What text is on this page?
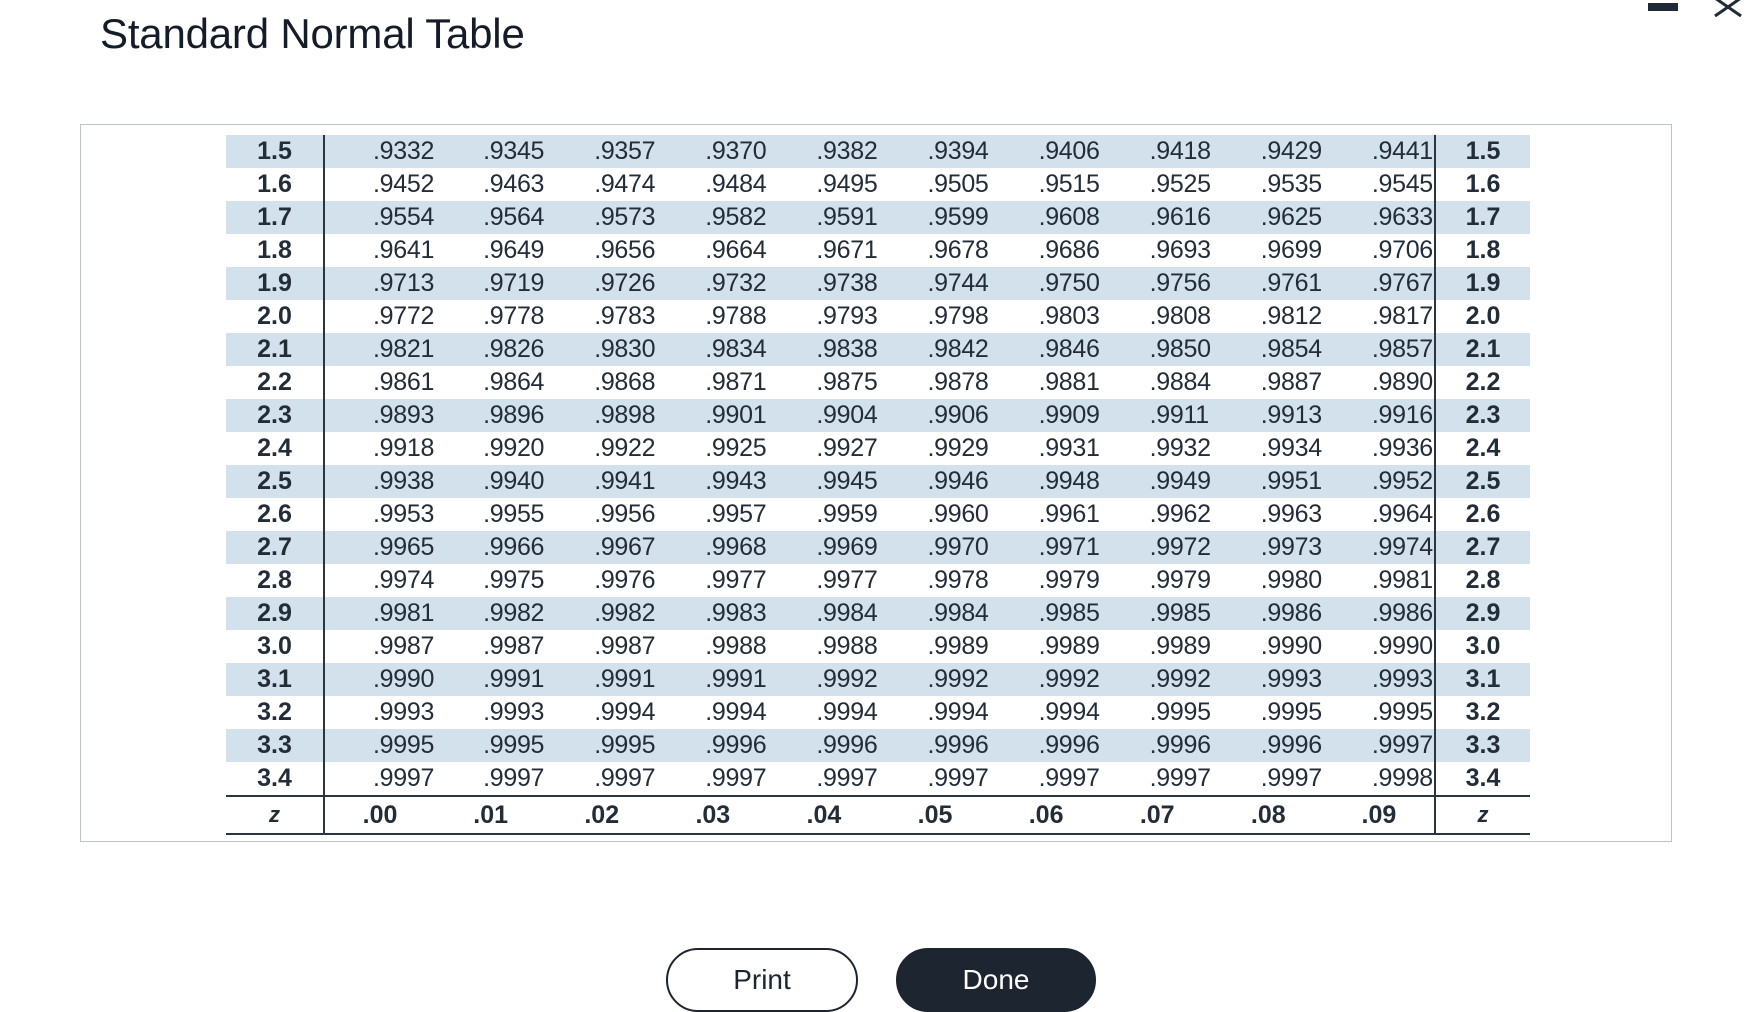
Standard Normal Table
1.5	.9332	.9345	.9357	.9370	.9382	.9394	.9406	.9418	.9429	.9441	1.5
1.6	.9452	.9463	.9474	.9484	.9495	.9505	.9515	.9525	.9535	.9545	1.6
1.7	.9554	.9564	.9573	.9582	.9591	.9599	.9608	.9616	.9625	.9633	1.7
1.8	.9641	.9649	.9656	.9664	.9671	.9678	.9686	.9693	.9699	.9706	1.8
1.9	.9713	.9719	.9726	.9732	.9738	.9744	.9750	.9756	.9761	.9767	1.9
2.0	.9772	.9778	.9783	.9788	.9793	.9798	.9803	.9808	.9812	.9817	2.0
2.1	.9821	.9826	.9830	.9834	.9838	.9842	.9846	.9850	.9854	.9857	2.1
2.2	.9861	.9864	.9868	.9871	.9875	.9878	.9881	.9884	.9887	.9890	2.2
2.3	.9893	.9896	.9898	.9901	.9904	.9906	.9909	.9911	.9913	.9916	2.3
2.4	.9918	.9920	.9922	.9925	.9927	.9929	.9931	.9932	.9934	.9936	2.4
2.5	.9938	.9940	.9941	.9943	.9945	.9946	.9948	.9949	.9951	.9952	2.5
2.6	.9953	.9955	.9956	.9957	.9959	.9960	.9961	.9962	.9963	.9964	2.6
2.7	.9965	.9966	.9967	.9968	.9969	.9970	.9971	.9972	.9973	.9974	2.7
2.8	.9974	.9975	.9976	.9977	.9977	.9978	.9979	.9979	.9980	.9981	2.8
2.9	.9981	.9982	.9982	.9983	.9984	.9984	.9985	.9985	.9986	.9986	2.9
3.0	.9987	.9987	.9987	.9988	.9988	.9989	.9989	.9989	.9990	.9990	3.0
3.1	.9990	.9991	.9991	.9991	.9992	.9992	.9992	.9992	.9993	.9993	3.1
3.2	.9993	.9993	.9994	.9994	.9994	.9994	.9994	.9995	.9995	.9995	3.2
3.3	.9995	.9995	.9995	.9996	.9996	.9996	.9996	.9996	.9996	.9997	3.3
3.4	.9997	.9997	.9997	.9997	.9997	.9997	.9997	.9997	.9997	.9998	3.4
z	.00	.01	.02	.03	.04	.05	.06	.07	.08	.09	z
Print	Done
